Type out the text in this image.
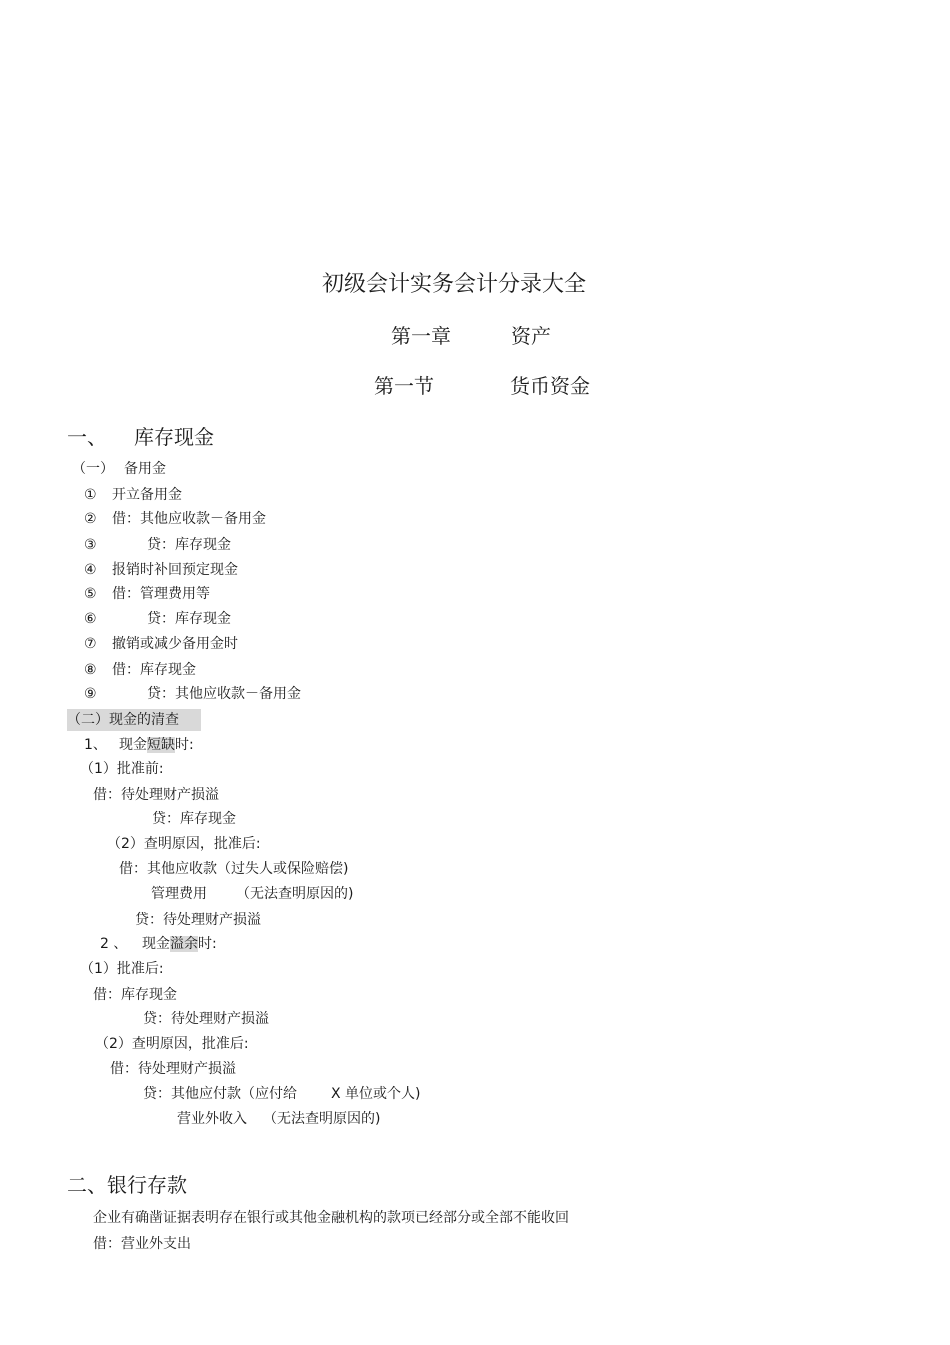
初级会计实务会计分录大全
第一章	资产
第一节	货币资金
一、 库存现金
（一） 备用金
① 开立备用金
② 借：其他应收款－备用金
③	贷：库存现金
④ 报销时补回预定现金
⑤ 借：管理费用等
⑥	贷：库存现金
⑦ 撤销或减少备用金时
⑧ 借：库存现金
⑨	贷：其他应收款－备用金
（二）现金的清查
1、 现金短缺时:
（1）批准前:
借：待处理财产损溢
贷：库存现金
（2）查明原因，批准后:
借：其他应收款（过失人或保险赔偿)
管理费用 （无法查明原因的)
贷：待处理财产损溢
2 、 现金溢余时:
（1）批准后:
借：库存现金
贷：待处理财产损溢
（2）查明原因，批准后:
借：待处理财产损溢
贷：其他应付款（应付给 X 单位或个人)
营业外收入 （无法查明原因的)
二、银行存款
企业有确凿证据表明存在银行或其他金融机构的款项已经部分或全部不能收回
借：营业外支出
